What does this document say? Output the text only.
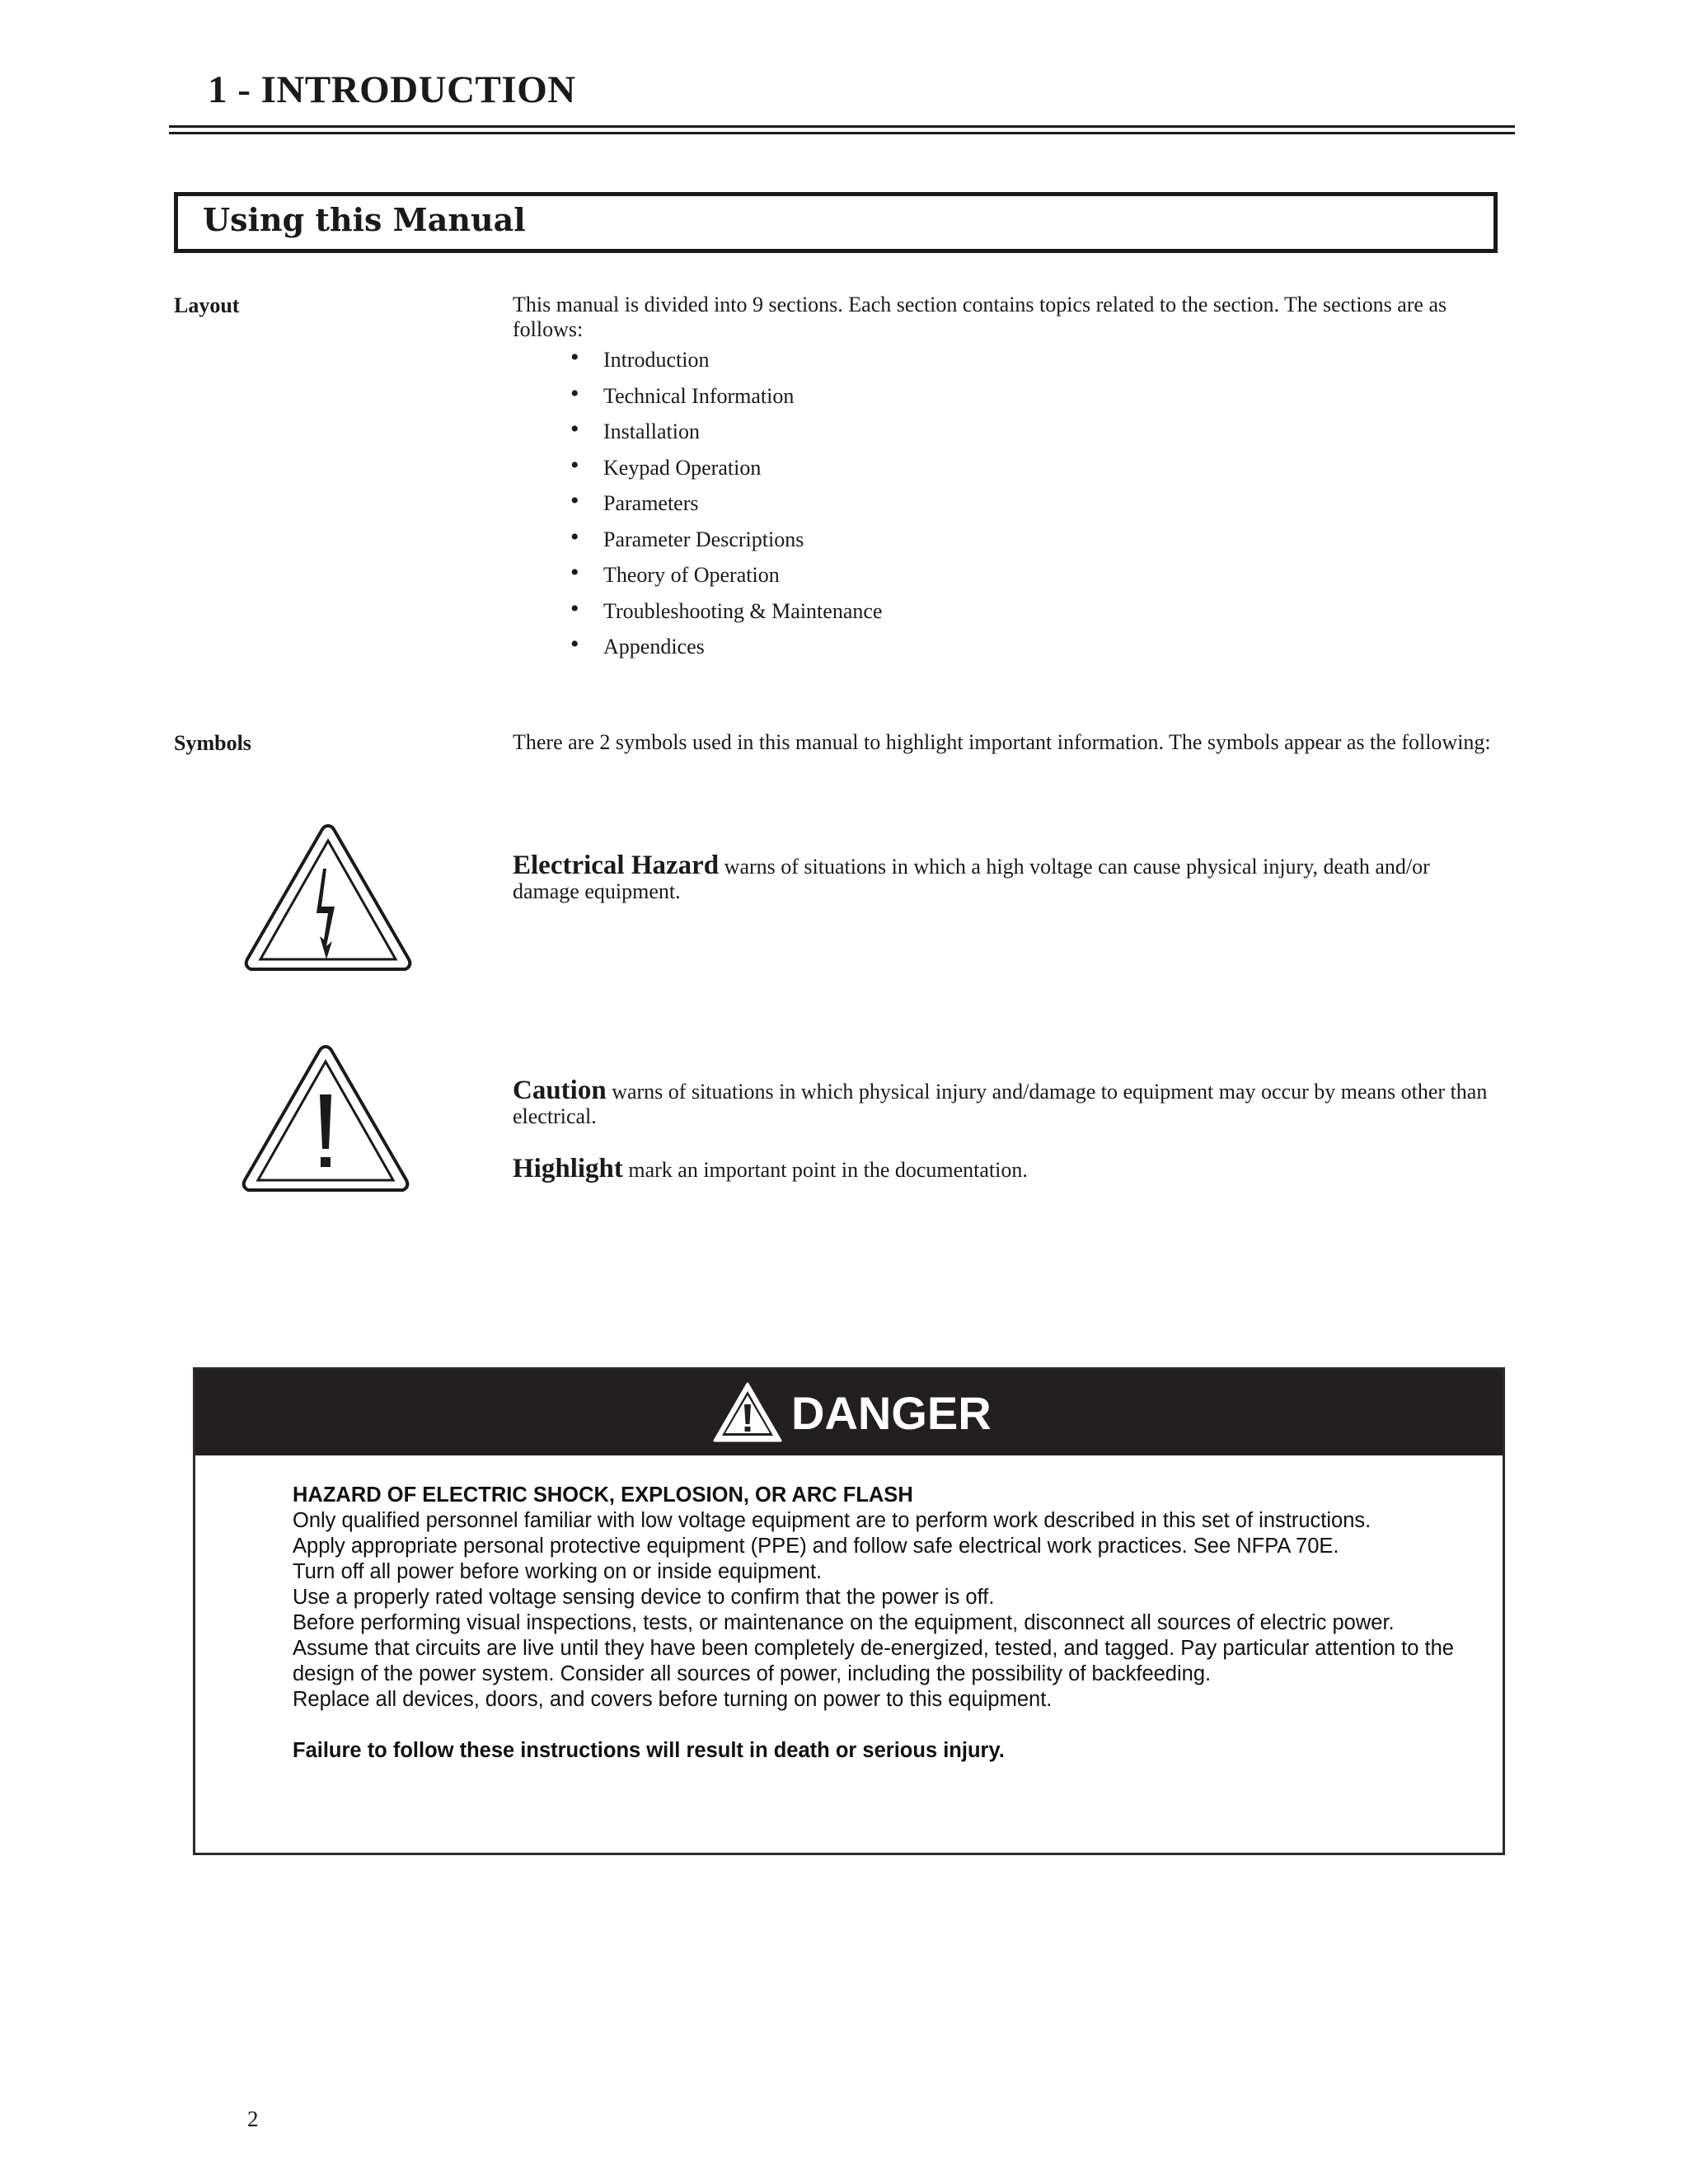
1 - INTRODUCTION
Using this Manual

Layout	This manual is divided into 9 sections. Each section contains topics related to the section. The sections are as follows:

• Introduction
• Technical Information
• Installation
• Keypad Operation
• Parameters
• Parameter Descriptions
• Theory of Operation
• Troubleshooting & Maintenance
• Appendices

Symbols	There are 2 symbols used in this manual to highlight important information. The symbols appear as the following:

Electrical Hazard warns of situations in which a high voltage can cause physical injury, death and/or damage equipment.

Caution warns of situations in which physical injury and/damage to equipment may occur by means other than electrical.

Highlight mark an important point in the documentation.

DANGER

HAZARD OF ELECTRIC SHOCK, EXPLOSION, OR ARC FLASH

Only qualified personnel familiar with low voltage equipment are to perform work described in this set of instructions.

Apply appropriate personal protective equipment (PPE) and follow safe electrical work practices. See NFPA 70E.

Turn off all power before working on or inside equipment.

Use a properly rated voltage sensing device to confirm that the power is off.

Before performing visual inspections, tests, or maintenance on the equipment, disconnect all sources of electric power.

Assume that circuits are live until they have been completely de-energized, tested, and tagged. Pay particular attention to the design of the power system. Consider all sources of power, including the possibility of backfeeding.

Replace all devices, doors, and covers before turning on power to this equipment.

Failure to follow these instructions will result in death or serious injury.

2
